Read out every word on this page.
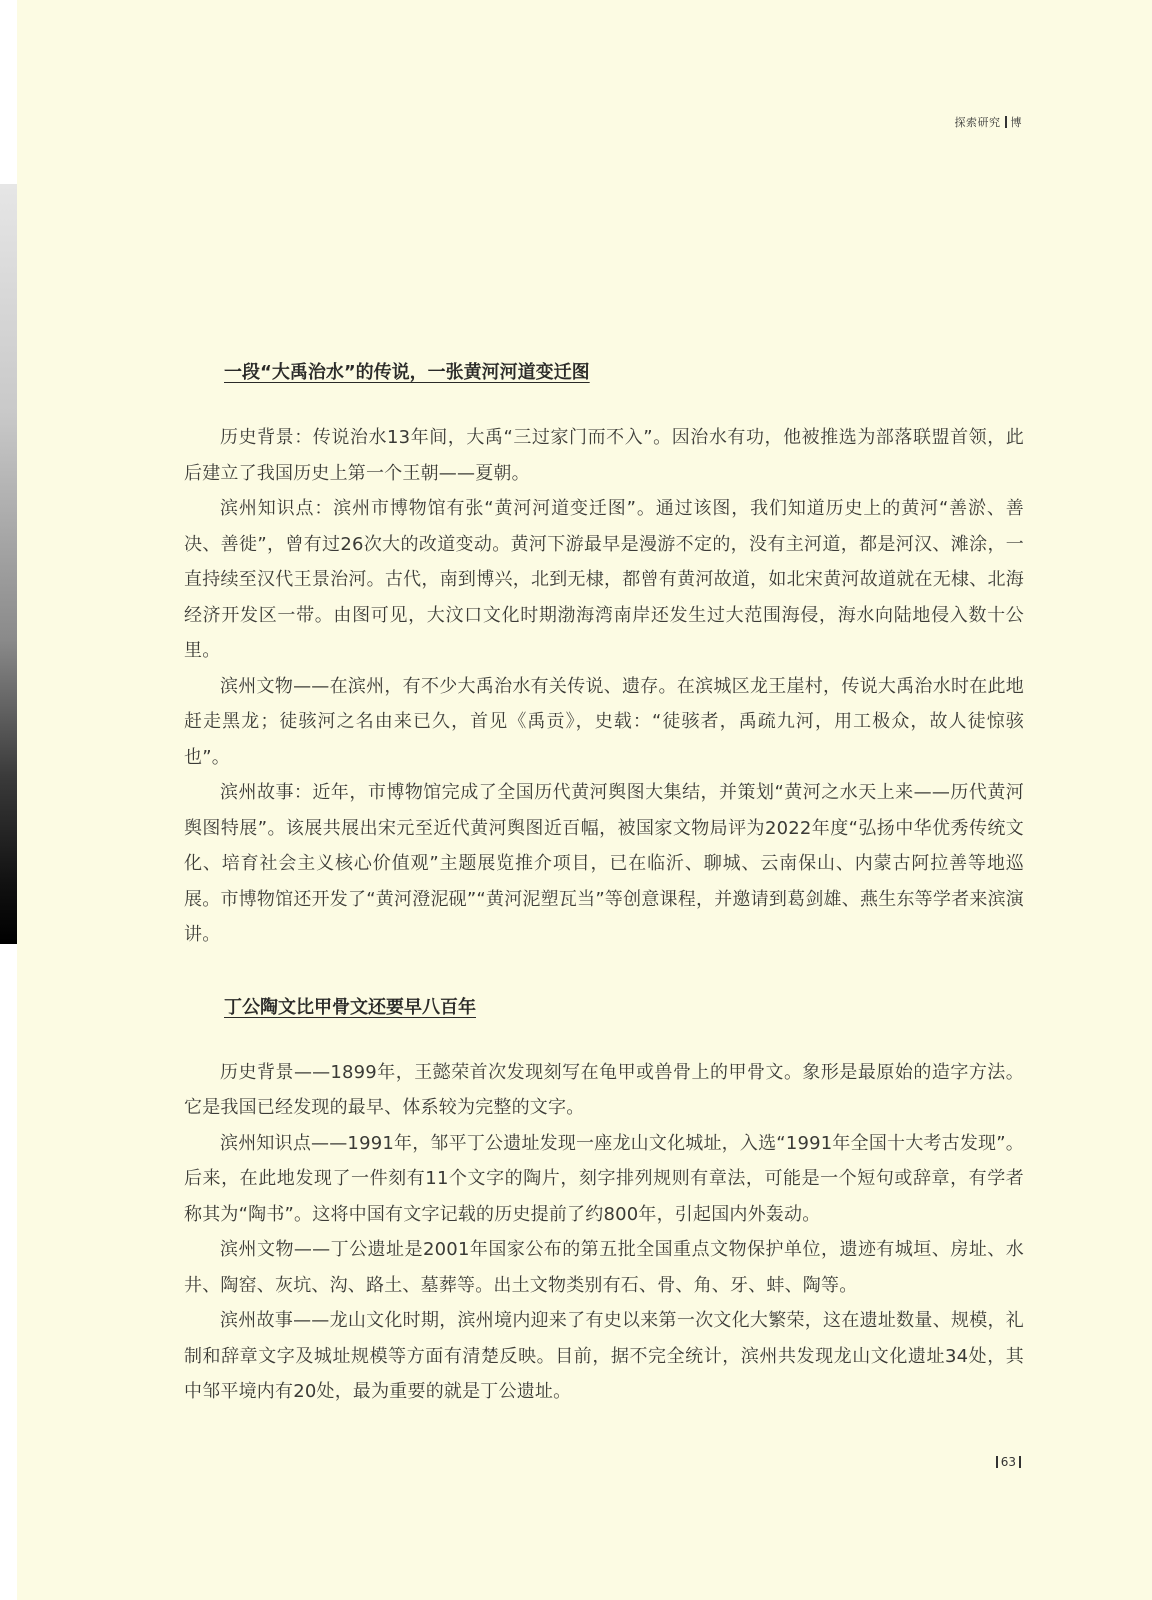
探索研究 博
一段“大禹治水”的传说，一张黄河河道变迁图

历史背景：传说治水13年间，大禹“三过家门而不入”。因治水有功，他被推选为部落联盟首领，此后建立了我国历史上第一个王朝——夏朝。

滨州知识点：滨州市博物馆有张“黄河河道变迁图”。通过该图，我们知道历史上的黄河“善淤、善决、善徙”，曾有过26次大的改道变动。黄河下游最早是漫游不定的，没有主河道，都是河汉、滩涂，一直持续至汉代王景治河。古代，南到博兴，北到无棣，都曾有黄河故道，如北宋黄河故道就在无棣、北海经济开发区一带。由图可见，大汶口文化时期渤海湾南岸还发生过大范围海侵，海水向陆地侵入数十公里。

滨州文物——在滨州，有不少大禹治水有关传说、遗存。在滨城区龙王崖村，传说大禹治水时在此地赶走黑龙；徒骇河之名由来已久，首见《禹贡》，史载：“徒骇者，禹疏九河，用工极众，故人徒惊骇也”。

滨州故事：近年，市博物馆完成了全国历代黄河舆图大集结，并策划“黄河之水天上来——历代黄河舆图特展”。该展共展出宋元至近代黄河舆图近百幅，被国家文物局评为2022年度“弘扬中华优秀传统文化、培育社会主义核心价值观”主题展览推介项目，已在临沂、聊城、云南保山、内蒙古阿拉善等地巡展。市博物馆还开发了“黄河澄泥砚”“黄河泥塑瓦当”等创意课程，并邀请到葛剑雄、燕生东等学者来滨演讲。

丁公陶文比甲骨文还要早八百年

历史背景——1899年，王懿荣首次发现刻写在龟甲或兽骨上的甲骨文。象形是最原始的造字方法。它是我国已经发现的最早、体系较为完整的文字。

滨州知识点——1991年，邹平丁公遗址发现一座龙山文化城址，入选“1991年全国十大考古发现”。后来，在此地发现了一件刻有11个文字的陶片，刻字排列规则有章法，可能是一个短句或辞章，有学者称其为“陶书”。这将中国有文字记载的历史提前了约800年，引起国内外轰动。

滨州文物——丁公遗址是2001年国家公布的第五批全国重点文物保护单位，遗迹有城垣、房址、水井、陶窑、灰坑、沟、路土、墓葬等。出土文物类别有石、骨、角、牙、蚌、陶等。

滨州故事——龙山文化时期，滨州境内迎来了有史以来第一次文化大繁荣，这在遗址数量、规模，礼制和辞章文字及城址规模等方面有清楚反映。目前，据不完全统计，滨州共发现龙山文化遗址34处，其中邹平境内有20处，最为重要的就是丁公遗址。

63
